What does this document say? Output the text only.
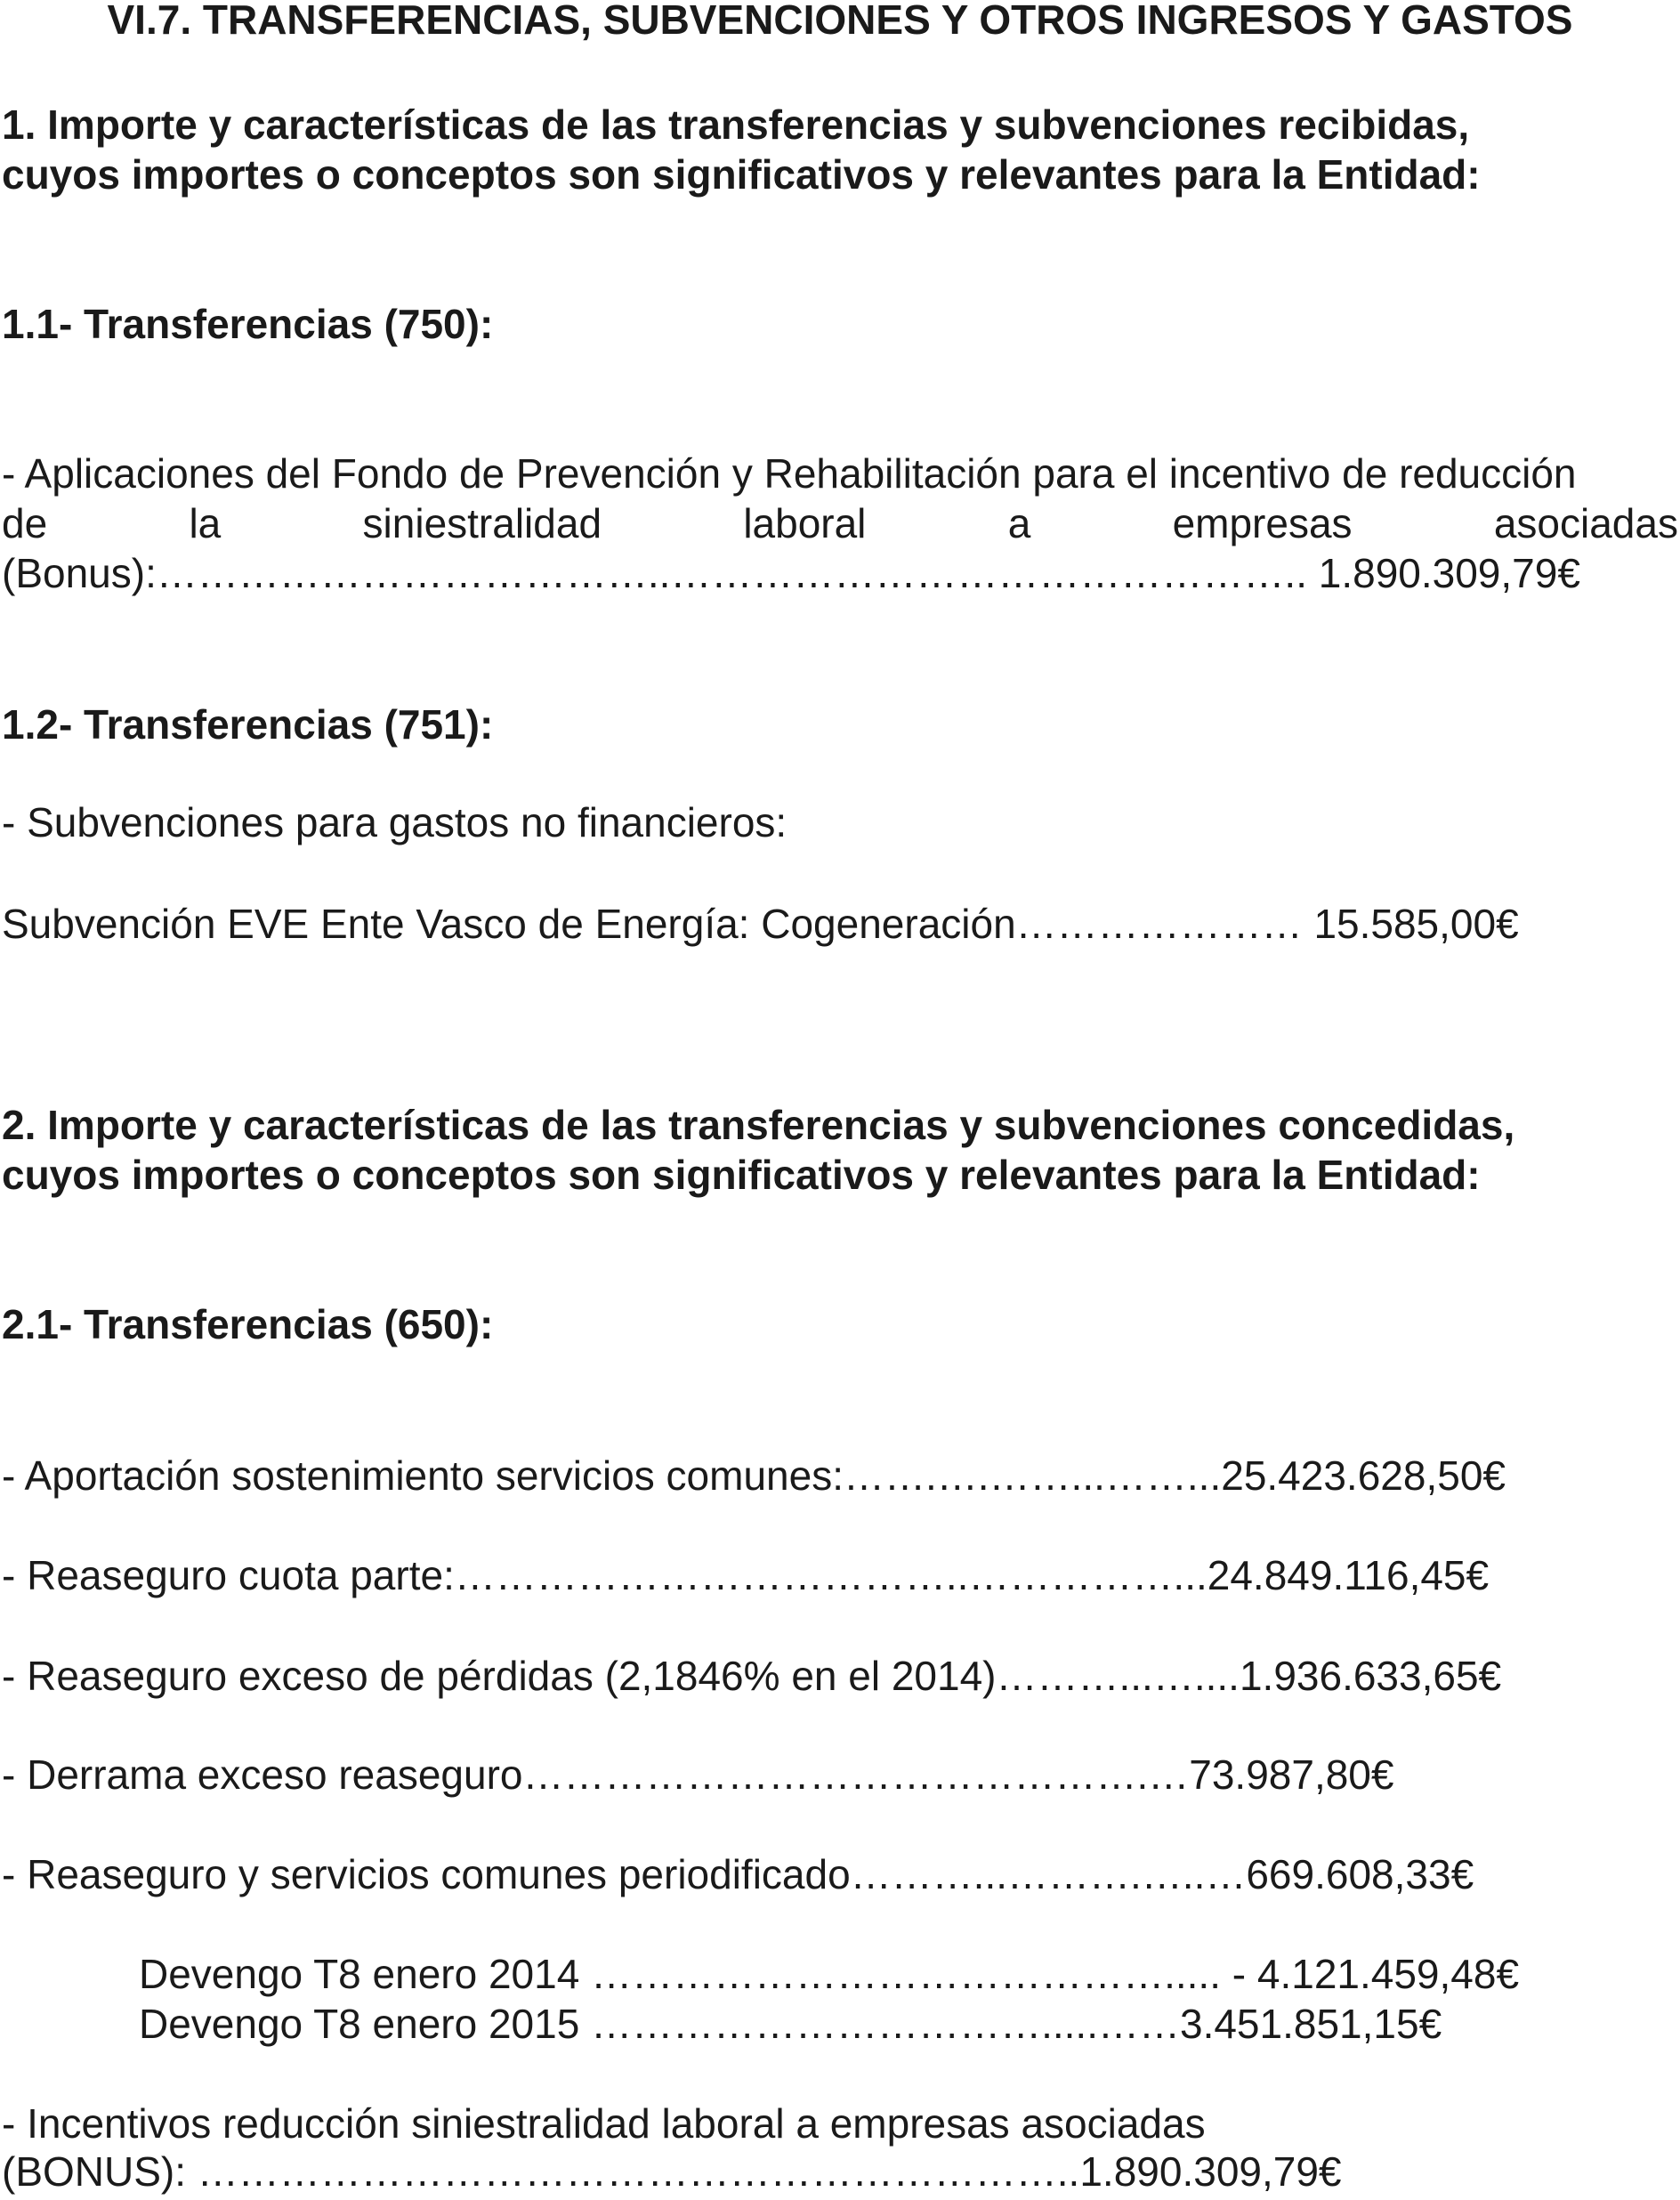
VI.7. TRANSFERENCIAS, SUBVENCIONES Y OTROS INGRESOS Y GASTOS
1. Importe y características de las transferencias y subvenciones recibidas,
cuyos importes o conceptos son significativos y relevantes para la Entidad:
1.1- Transferencias (750):
- Aplicaciones del Fondo de Prevención y Rehabilitación para el incentivo de reducción
de	la	siniestralidad	laboral	a	empresas	asociadas
(Bonus):………………………………..……………………………………….. 1.890.309,79€
1.2- Transferencias (751):
- Subvenciones para gastos no financieros:
Subvención EVE Ente Vasco de Energía: Cogeneración………………… 15.585,00€
2. Importe y características de las transferencias y subvenciones concedidas,
cuyos importes o conceptos son significativos y relevantes para la Entidad:
2.1- Transferencias (650):
- Aportación sostenimiento servicios comunes:…….….……...……...25.423.628,50€
- Reaseguro cuota parte:………………………………..……………...24.849.116,45€
- Reaseguro exceso de pérdidas (2,1846% en el 2014)………...…....1.936.633,65€
- Derrama exceso reaseguro……………………………………….…73.987,80€
- Reaseguro y servicios comunes periodificado………...……….…..…669.608,33€
Devengo T8 enero 2014 ……………………………………..... - 4.121.459,48€
Devengo T8 enero 2015 …………………………….....……3.451.851,15€
- Incentivos reducción siniestralidad laboral a empresas asociadas
(BONUS): ………………………………………………………..1.890.309,79€
